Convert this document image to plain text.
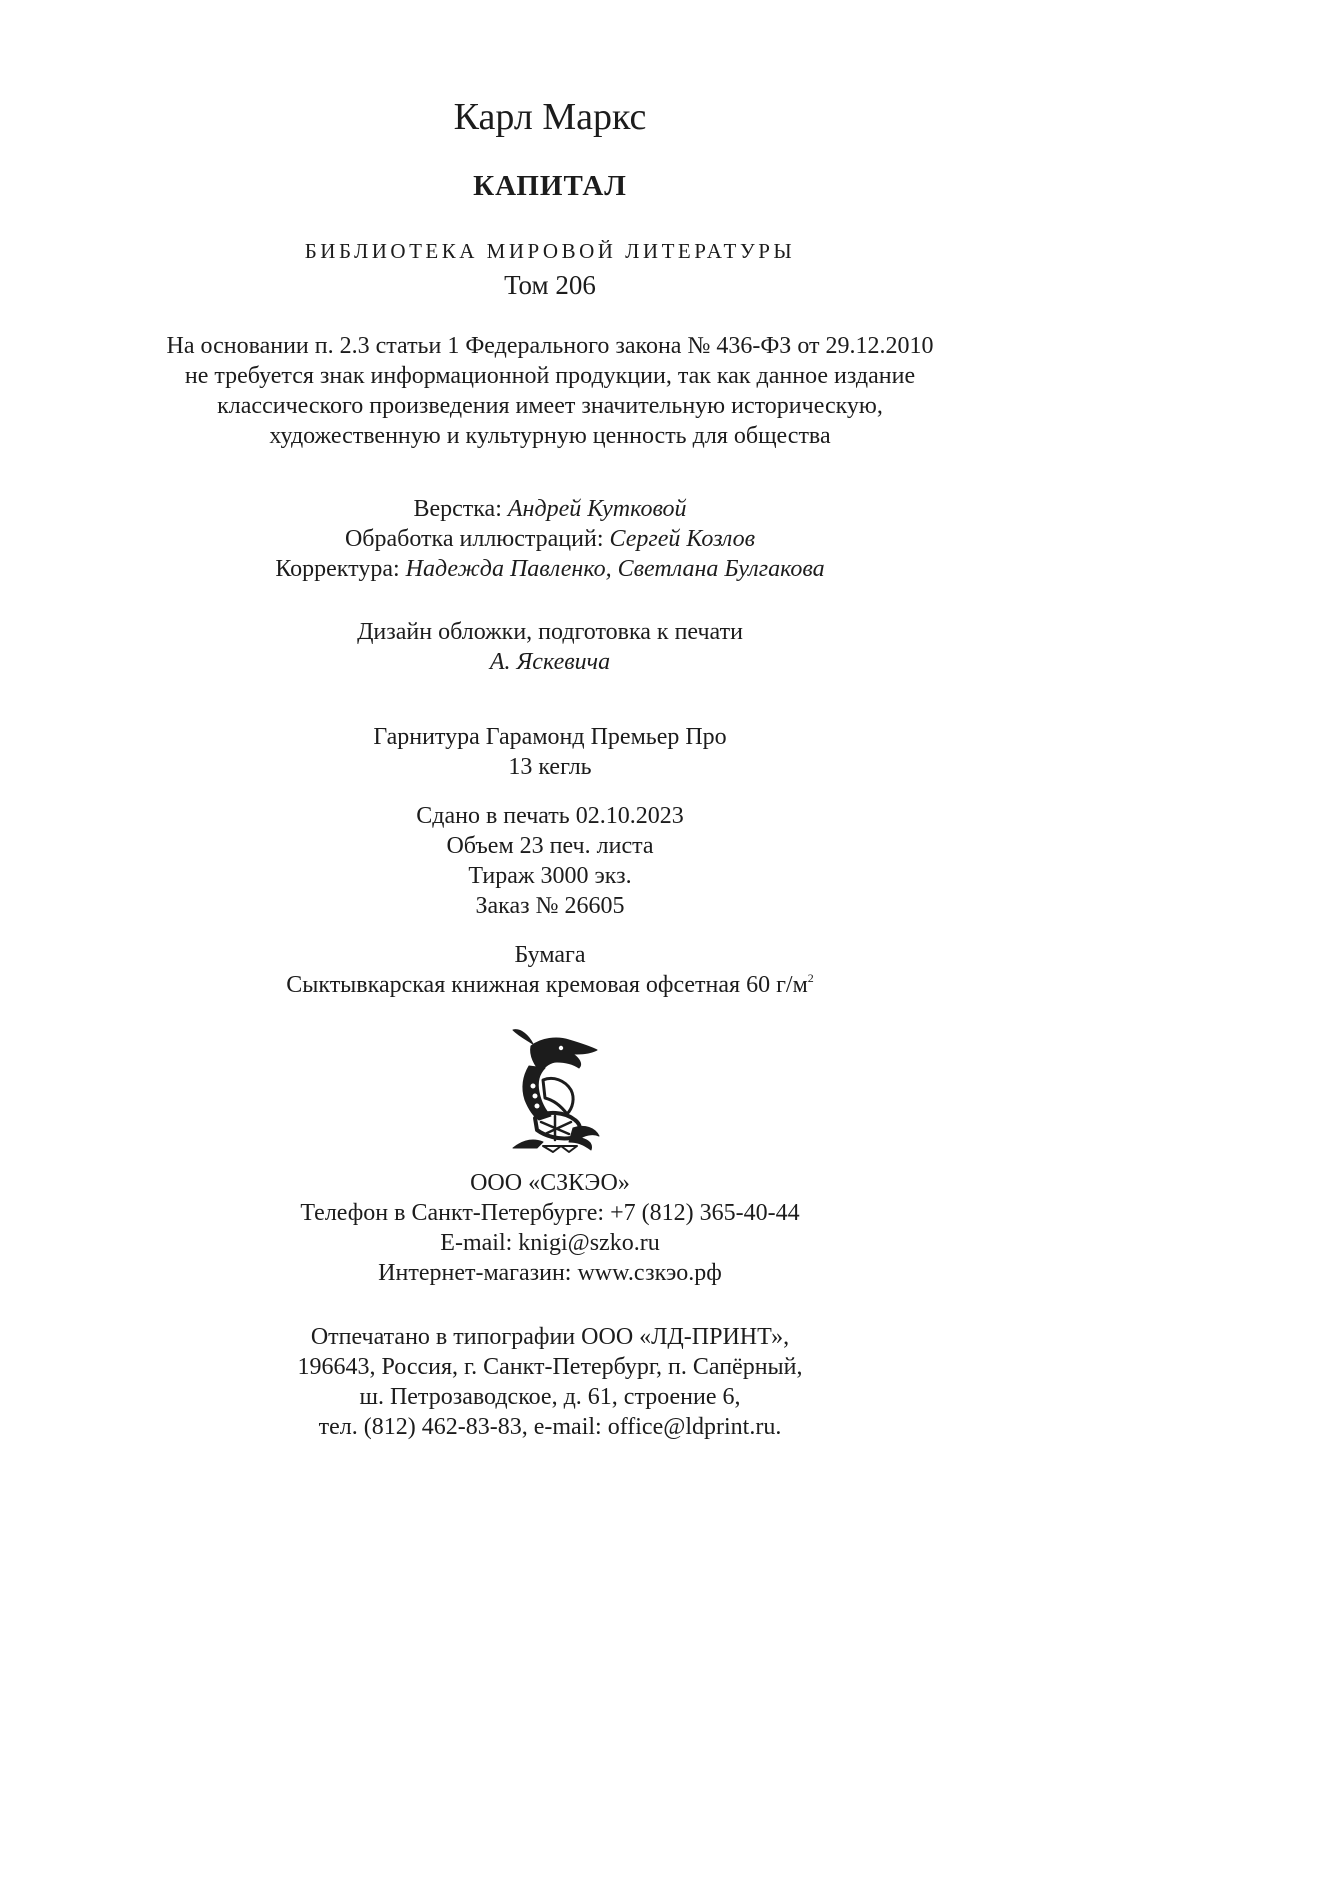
Карл Маркс

КАПИТАЛ

БИБЛИОТЕКА МИРОВОЙ ЛИТЕРАТУРЫ

Том 206

На основании п. 2.3 статьи 1 Федерального закона № 436-ФЗ от 29.12.2010

не требуется знак информационной продукции, так как данное издание

классического произведения имеет значительную историческую,

художественную и культурную ценность для общества

Верстка: Андрей Кутковой

Обработка иллюстраций: Сергей Козлов

Корректура: Надежда Павленко, Светлана Булгакова

Дизайн обложки, подготовка к печати

А. Яскевича

Гарнитура Гарамонд Премьер Про

13 кегль

Сдано в печать 02.10.2023

Объем 23 печ. листа

Тираж 3000 экз.

Заказ № 26605

Бумага

Сыктывкарская книжная кремовая офсетная 60 $г/м^2$

ООО «СЗКЭО»

Телефон в Санкт-Петербурге: +7 (812) 365-40-44

E-mail: knigi@szko.ru

Интернет-магазин: www.сзкэо.рф

Отпечатано в типографии ООО «ЛД-ПРИНТ»,

196643, Россия, г. Санкт-Петербург, п. Сапёрный,

ш. Петрозаводское, д. 61, строение 6,

тел. (812) 462-83-83, e-mail: office@ldprint.ru.
